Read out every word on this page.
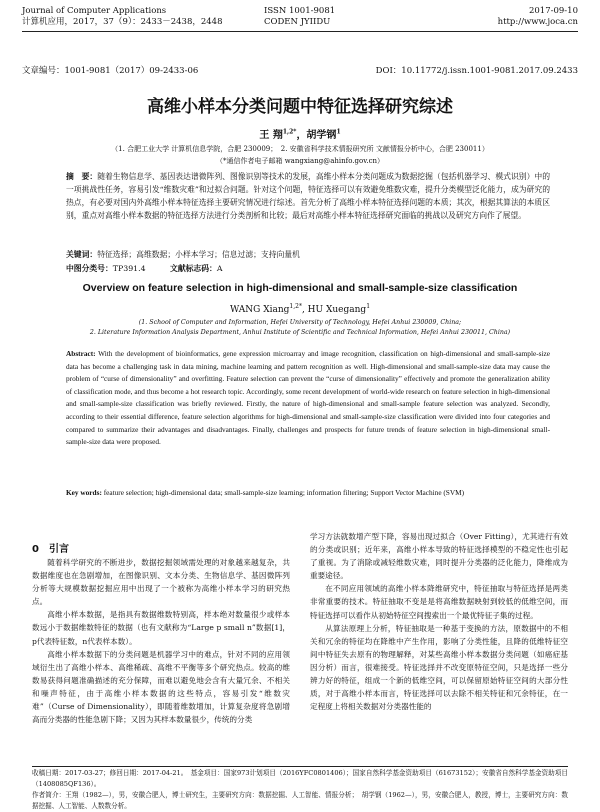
Journal of Computer Applications
计算机应用，2017，37（9）：2433－2438，2448
ISSN 1001-9081
CODEN JYIIDU
2017-09-10
http://www.joca.cn
文章编号：1001-9081（2017）09-2433-06	DOI：10.11772/j.issn.1001-9081.2017.09.2433
高维小样本分类问题中特征选择研究综述
王 翔$^{1,2*}$，胡学钢$^1$
（1. 合肥工业大学 计算机信息学院，合肥 230009；　2. 安徽省科学技术情报研究所 文献情报分析中心，合肥 230011）
（*通信作者电子邮箱 wangxiang@ahinfo.gov.cn）
摘　要：随着生物信息学、基因表达谱微阵列、图像识别等技术的发展，高维小样本分类问题成为数据挖掘（包括机器学习、模式识别）中的一项挑战性任务，容易引发“维数灾难”和过拟合问题。针对这个问题，特征选择可以有效避免维数灾难，提升分类模型泛化能力，成为研究的热点，有必要对国内外高维小样本特征选择主要研究情况进行综述。首先分析了高维小样本特征选择问题的本质；其次，根据其算法的本质区别，重点对高维小样本数据的特征选择方法进行分类剖析和比较；最后对高维小样本特征选择研究面临的挑战以及研究方向作了展望。
关键词：特征选择；高维数据；小样本学习；信息过滤；支持向量机
中图分类号：TP391.4	文献标志码：A
Overview on feature selection in high-dimensional and small-sample-size classification
WANG Xiang$^{1,2*}$, HU Xuegang$^1$
(1. School of Computer and Information, Hefei University of Technology, Hefei Anhui 230009, China;
2. Literature Information Analysis Department, Anhui Institute of Scientific and Technical Information, Hefei Anhui 230011, China)
Abstract: With the development of bioinformatics, gene expression microarray and image recognition, classification on high-dimensional and small-sample-size data has become a challenging task in data mining, machine learning and pattern recognition as well. High-dimensional and small-sample-size data may cause the problem of “curse of dimensionality” and overfitting. Feature selection can prevent the “curse of dimensionality” effectively and promote the generalization ability of classification mode, and thus become a hot research topic. Accordingly, some recent development of world-wide research on feature selection in high-dimensional and small-sample-size classification was briefly reviewed. Firstly, the nature of high-dimensional and small-sample feature selection was analyzed. Secondly, according to their essential difference, feature selection algorithms for high-dimensional and small-sample-size classification were divided into four categories and compared to summarize their advantages and disadvantages. Finally, challenges and prospects for future trends of feature selection in high-dimensional small-sample-size data were proposed.
Key words: feature selection; high-dimensional data; small-sample-size learning; information filtering; Support Vector Machine (SVM)
0　引言
随着科学研究的不断进步，数据挖掘领域需处理的对象越来越复杂，共数据维度也在急剧增加，在图像识别、文本分类、生物信息学、基因微阵列分析等大规模数据挖掘应用中出现了一个被称为高维小样本学习的研究热点。
高维小样本数据，是指具有数据维数特别高，样本绝对数量很少或样本数远小于数据维数特征的数据（也有文献称为“Large p small n”数据[1]，p代表特征数，n代表样本数）。
高维小样本数据下的分类问题是机器学习中的难点，针对不同的应用领域衍生出了高维小样本、高维稀疏、高维不平衡等多个研究热点。较高的维数易获得问题准确描述的充分保障，而难以避免地会含有大量冗余、不相关和噪声特征，由于高维小样本数据的这些特点，容易引发“维数灾难”（Curse of Dimensionality），即随着维数增加，计算复杂度将急剧增高而分类器的性能急剧下降；又因为其样本数量很少，传统的分类
学习方法就数增产型下降，容易出现过拟合（Over Fitting），尤其进行有效的分类或识别；近年来，高维小样本导致的特征选择模型的不稳定性也引起了重视。为了消除或减轻维数灾难，同时提升分类器的泛化能力，降维成为重要途径。
在不同应用领域的高维小样本降维研究中，特征抽取与特征选择是两类非常重要的技术。特征抽取不变是是将高维数据映射到较低的低维空间，而特征选择可以看作从初始特征空间搜索出一个最优特征子集的过程。
从算法原理上分析，特征抽取是一种基于变换的方法，原数据中的不相关和冗余的特征均在降维中产生作用，影响了分类性能，且降的低维特征空间中特征失去原有的物理解释，对某些高维小样本数据分类问题（如癌症基因分析）而言，很难接受。特征选择并不改变原特征空间，只是选择一些分辨力好的特征，组成一个新的低维空间，可以保留原始特征空间的大部分性质，对于高维小样本而言，特征选择可以去除不相关特征和冗余特征，在一定程度上将相关数据对分类器性能的
收稿日期：2017-03-27；修回日期：2017-04-21。　基金项目：国家973计划项目（2016YFC0801406）；国家自然科学基金资助项目（61673152）；安徽省自然科学基金资助项目（1408085QF136）。
作者简介：王翔（1982—），男，安徽合肥人，博士研究生，主要研究方向：数据挖掘、人工智能、情报分析；　胡学钢（1962—），男，安徽合肥人，教授，博士，主要研究方向：数据挖掘、人工智能、人数数分析。
